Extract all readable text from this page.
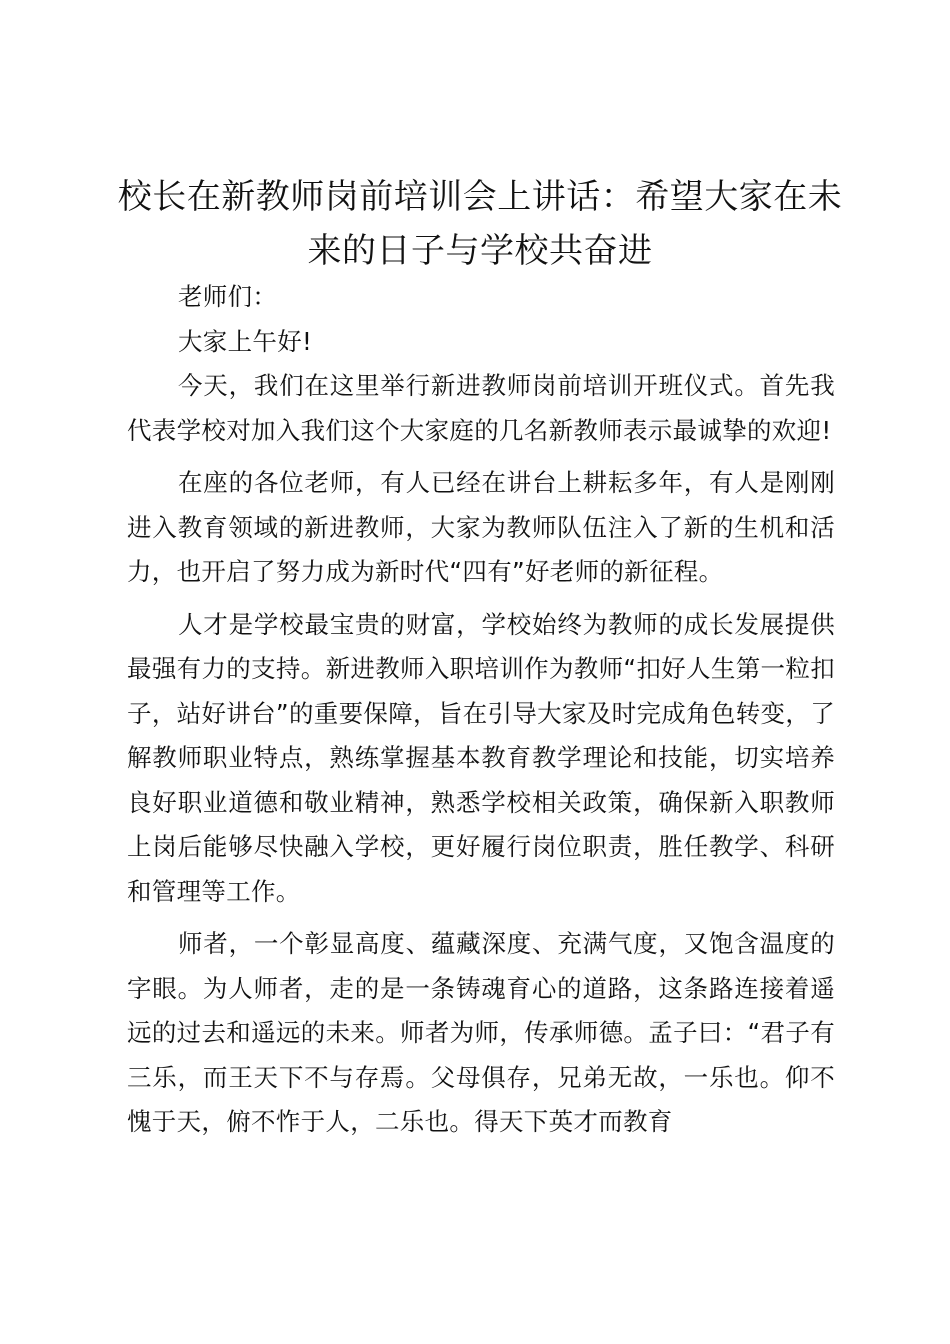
校长在新教师岗前培训会上讲话：希望大家在未来的日子与学校共奋进

老师们：

大家上午好!

今天，我们在这里举行新进教师岗前培训开班仪式。首先我代表学校对加入我们这个大家庭的几名新教师表示最诚挚的欢迎!

在座的各位老师，有人已经在讲台上耕耘多年，有人是刚刚进入教育领域的新进教师，大家为教师队伍注入了新的生机和活力，也开启了努力成为新时代“四有”好老师的新征程。

人才是学校最宝贵的财富，学校始终为教师的成长发展提供最强有力的支持。新进教师入职培训作为教师“扣好人生第一粒扣子，站好讲台”的重要保障，旨在引导大家及时完成角色转变，了解教师职业特点，熟练掌握基本教育教学理论和技能，切实培养良好职业道德和敬业精神，熟悉学校相关政策，确保新入职教师上岗后能够尽快融入学校，更好履行岗位职责，胜任教学、科研和管理等工作。

师者，一个彰显高度、蕴藏深度、充满气度，又饱含温度的字眼。为人师者，走的是一条铸魂育心的道路，这条路连接着遥远的过去和遥远的未来。师者为师，传承师德。孟子曰：“君子有三乐，而王天下不与存焉。父母俱存，兄弟无故，一乐也。仰不愧于天，俯不怍于人，二乐也。得天下英才而教育
